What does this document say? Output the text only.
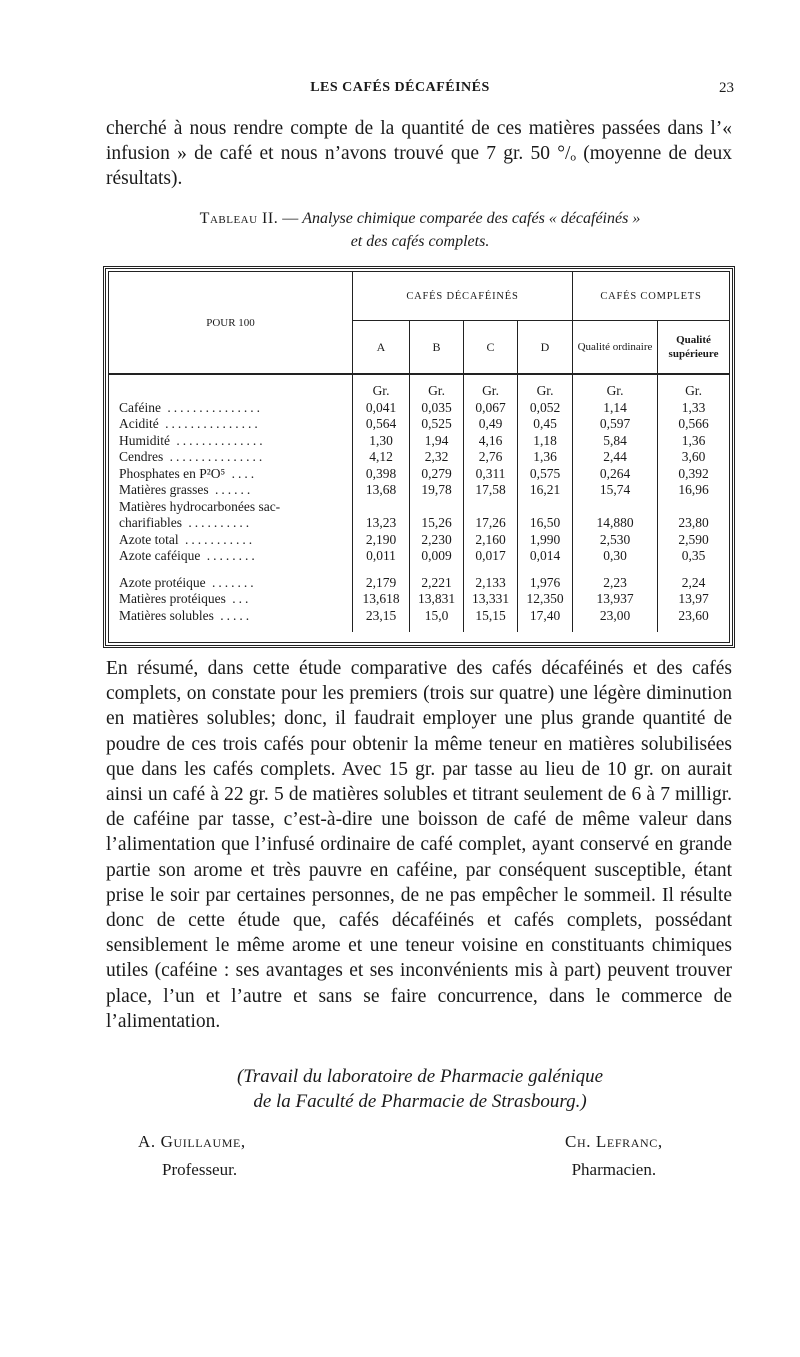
LES CAFÉS DÉCAFÉINÉS	23

cherché à nous rendre compte de la quantité de ces matières passées dans l’« infusion » de café et nous n’avons trouvé que 7 gr. 50 °/ₒ (moyenne de deux résultats).

Tableau II. — Analyse chimique comparée des cafés « décaféinés »
et des cafés complets.
POUR 100	CAFÉS DÉCAFÉINÉS				CAFÉS COMPLETS	
	A	B	C	D	Qualité ordinaire	Qualité supérieure

	Gr.	Gr.	Gr.	Gr.	Gr.	Gr.
Caféine ...............	0,041	0,035	0,067	0,052	1,14	1,33
Acidité ...............	0,564	0,525	0,49	0,45	0,597	0,566
Humidité ..............	1,30	1,94	4,16	1,18	5,84	1,36
Cendres ...............	4,12	2,32	2,76	1,36	2,44	3,60
Phosphates en P²O⁵ ....	0,398	0,279	0,311	0,575	0,264	0,392
Matières grasses ......	13,68	19,78	17,58	16,21	15,74	16,96
Matières hydrocarbonées sac-						
charifiables ..........	13,23	15,26	17,26	16,50	14,880	23,80
Azote total ...........	2,190	2,230	2,160	1,990	2,530	2,590
Azote caféique ........	0,011	0,009	0,017	0,014	0,30	0,35

Azote protéique .......	2,179	2,221	2,133	1,976	2,23	2,24
Matières protéiques ...	13,618	13,831	13,331	12,350	13,937	13,97
Matières solubles .....	23,15	15,0	15,15	17,40	23,00	23,60

En résumé, dans cette étude comparative des cafés décaféinés et des cafés complets, on constate pour les premiers (trois sur quatre) une légère diminution en matières solubles; donc, il faudrait employer une plus grande quantité de poudre de ces trois cafés pour obtenir la même teneur en matières solubilisées que dans les cafés complets. Avec 15 gr. par tasse au lieu de 10 gr. on aurait ainsi un café à 22 gr. 5 de matières solubles et titrant seulement de 6 à 7 milligr. de caféine par tasse, c’est-à-dire une boisson de café de même valeur dans l’alimentation que l’infusé ordinaire de café complet, ayant conservé en grande partie son arome et très pauvre en caféine, par conséquent susceptible, étant prise le soir par certaines personnes, de ne pas empêcher le sommeil. Il résulte donc de cette étude que, cafés décaféinés et cafés complets, possédant sensiblement le même arome et une teneur voisine en constituants chimiques utiles (caféine : ses avantages et ses inconvénients mis à part) peuvent trouver place, l’un et l’autre et sans se faire concurrence, dans le commerce de l’alimentation.

(Travail du laboratoire de Pharmacie galénique
de la Faculté de Pharmacie de Strasbourg.)
A. Guillaume,
Professeur.
Ch. Lefranc,
Pharmacien.
